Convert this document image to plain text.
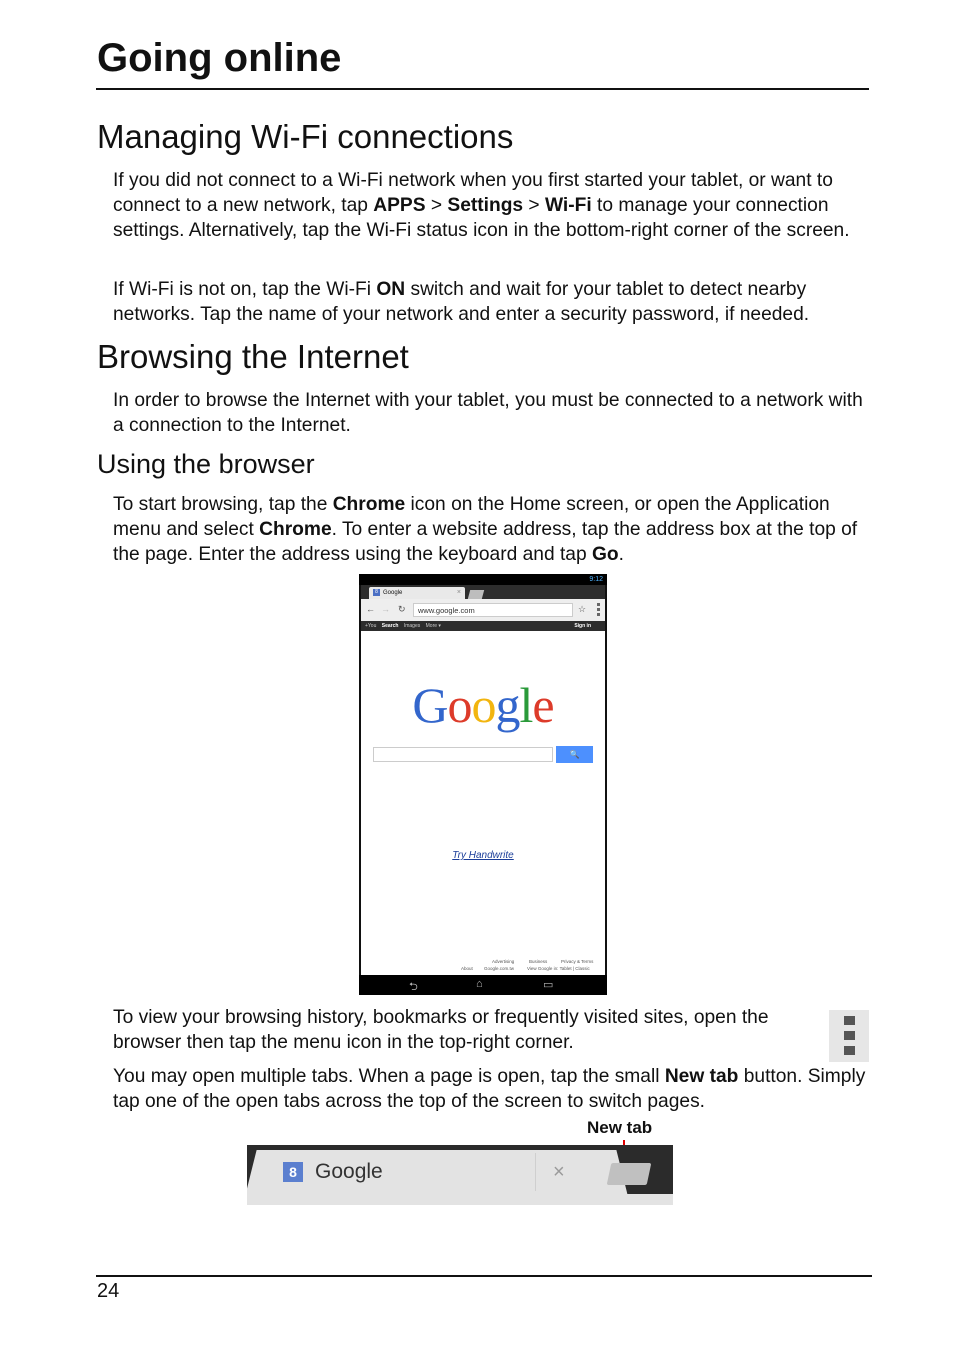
Going online
Managing Wi-Fi connections

If you did not connect to a Wi-Fi network when you first started your tablet, or want to connect to a new network, tap APPS > Settings > Wi-Fi to manage your connection settings. Alternatively, tap the Wi-Fi status icon in the bottom-right corner of the screen.

If Wi-Fi is not on, tap the Wi-Fi ON switch and wait for your tablet to detect nearby networks. Tap the name of your network and enter a security password, if needed.

Browsing the Internet

In order to browse the Internet with your tablet, you must be connected to a network with a connection to the Internet.

Using the browser

To start browsing, tap the Chrome icon on the Home screen, or open the Application menu and select Chrome. To enter a website address, tap the address box at the top of the page. Enter the address using the keyboard and tap Go.

9:12
8 Google	×
← → ↻	www.google.com	☆
+You Search Images More ▾	Sign in
Google
🔍
Try Handwrite
About
Advertising
Google.com.tw
Business
View Google in: Tablet | Classic
Privacy & Terms
⮌	⌂	▭

To view your browsing history, bookmarks or frequently visited sites, open the browser then tap the menu icon in the top-right corner.

You may open multiple tabs. When a page is open, tap the small New tab button. Simply tap one of the open tabs across the top of the screen to switch pages.

New tab
8 Google	×
24
